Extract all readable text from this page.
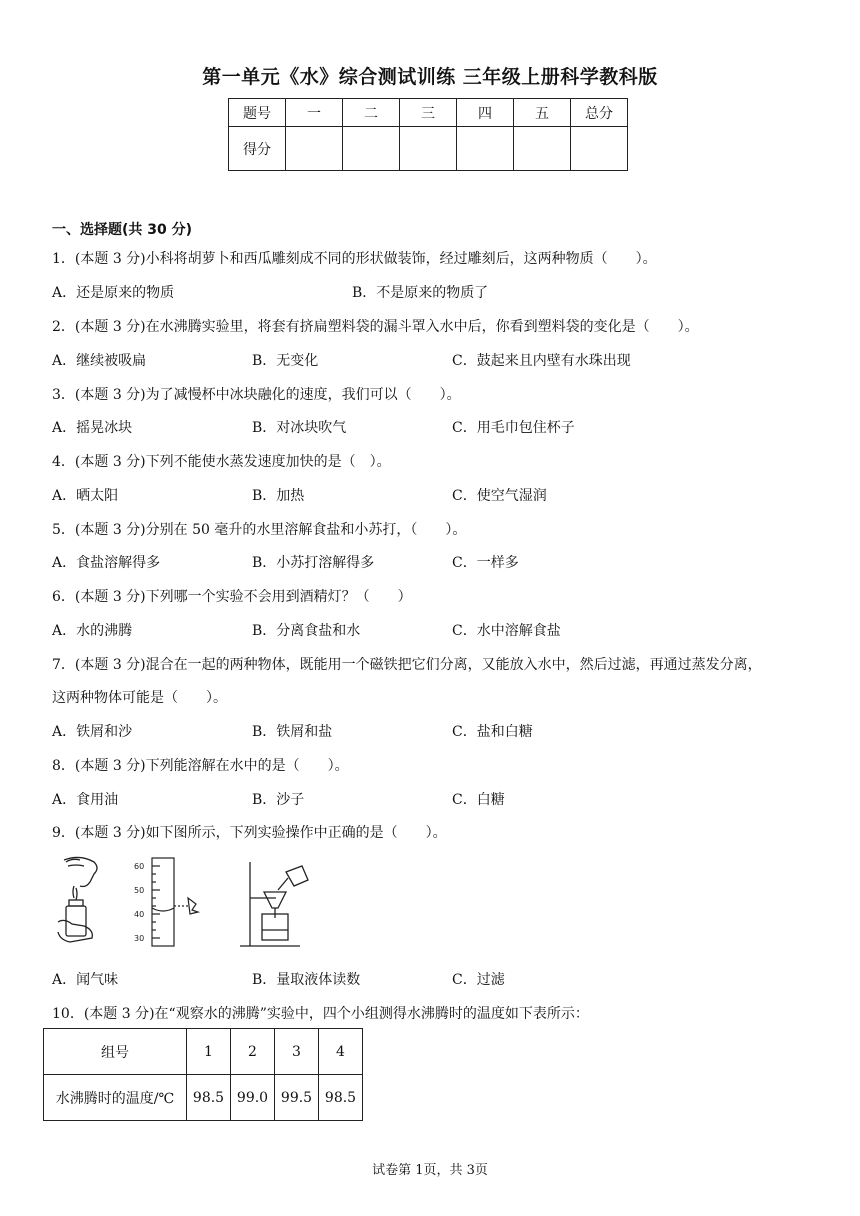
第一单元《水》综合测试训练 三年级上册科学教科版
题号	一	二	三	四	五	总分
得分						
一、选择题(共 30 分)
1．(本题 3 分)小科将胡萝卜和西瓜雕刻成不同的形状做装饰，经过雕刻后，这两种物质（　　）。
A．还是原来的物质	B．不是原来的物质了
2．(本题 3 分)在水沸腾实验里，将套有挤扁塑料袋的漏斗罩入水中后，你看到塑料袋的变化是（　　）。
A．继续被吸扁	B．无变化	C．鼓起来且内壁有水珠出现
3．(本题 3 分)为了减慢杯中冰块融化的速度，我们可以（　　）。
A．摇晃冰块	B．对冰块吹气	C．用毛巾包住杯子
4．(本题 3 分)下列不能使水蒸发速度加快的是（　）。
A．晒太阳	B．加热	C．使空气湿润
5．(本题 3 分)分别在 50 毫升的水里溶解食盐和小苏打，（　　）。
A．食盐溶解得多	B．小苏打溶解得多	C．一样多
6．(本题 3 分)下列哪一个实验不会用到酒精灯？（　　）
A．水的沸腾	B．分离食盐和水	C．水中溶解食盐
7．(本题 3 分)混合在一起的两种物体，既能用一个磁铁把它们分离，又能放入水中，然后过滤，再通过蒸发分离，
这两种物体可能是（　　）。
A．铁屑和沙	B．铁屑和盐	C．盐和白糖
8．(本题 3 分)下列能溶解在水中的是（　　）。
A．食用油	B．沙子	C．白糖
9．(本题 3 分)如下图所示，下列实验操作中正确的是（　　）。
60
50
40
30
A．闻气味	B．量取液体读数	C．过滤
10．(本题 3 分)在“观察水的沸腾”实验中，四个小组测得水沸腾时的温度如下表所示：
组号	1	2	3	4
水沸腾时的温度/℃	98.5	99.0	99.5	98.5
试卷第 1页，共 3页
